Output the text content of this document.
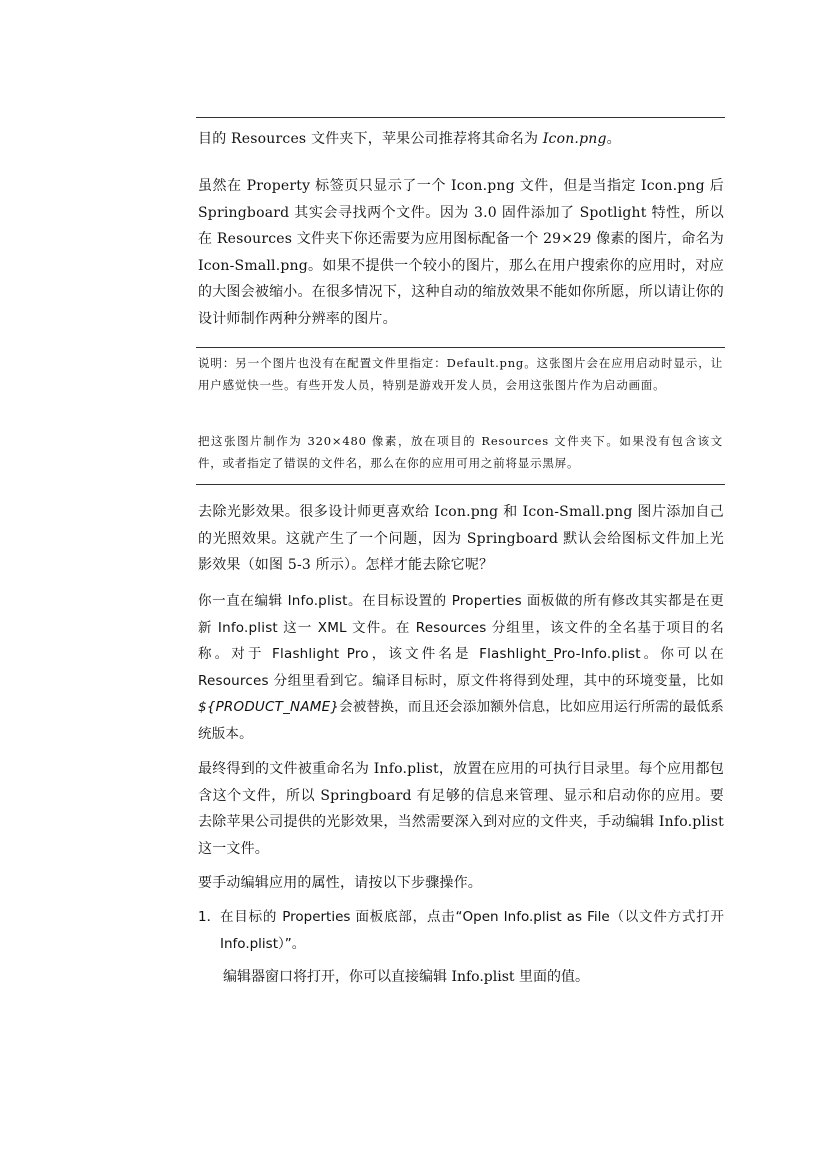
目的 Resources 文件夹下，苹果公司推荐将其命名为 Icon.png。

虽然在 Property 标签页只显示了一个 Icon.png 文件，但是当指定 Icon.png 后 Springboard 其实会寻找两个文件。因为 3.0 固件添加了 Spotlight 特性，所以在 Resources 文件夹下你还需要为应用图标配备一个 29×29 像素的图片，命名为 Icon-Small.png。如果不提供一个较小的图片，那么在用户搜索你的应用时，对应的大图会被缩小。在很多情况下，这种自动的缩放效果不能如你所愿，所以请让你的设计师制作两种分辨率的图片。

说明：另一个图片也没有在配置文件里指定：Default.png。这张图片会在应用启动时显示，让用户感觉快一些。有些开发人员，特别是游戏开发人员，会用这张图片作为启动画面。

把这张图片制作为 320×480 像素，放在项目的 Resources 文件夹下。如果没有包含该文件，或者指定了错误的文件名，那么在你的应用可用之前将显示黑屏。

去除光影效果。很多设计师更喜欢给 Icon.png 和 Icon-Small.png 图片添加自己的光照效果。这就产生了一个问题，因为 Springboard 默认会给图标文件加上光影效果（如图 5-3 所示）。怎样才能去除它呢？

你一直在编辑 Info.plist。在目标设置的 Properties 面板做的所有修改其实都是在更新 Info.plist 这一 XML 文件。在 Resources 分组里，该文件的全名基于项目的名称。对于 Flashlight Pro，该文件名是 Flashlight_Pro-Info.plist。你可以在 Resources 分组里看到它。编译目标时，原文件将得到处理，其中的环境变量，比如${PRODUCT_NAME}会被替换，而且还会添加额外信息，比如应用运行所需的最低系统版本。

最终得到的文件被重命名为 Info.plist，放置在应用的可执行目录里。每个应用都包含这个文件，所以 Springboard 有足够的信息来管理、显示和启动你的应用。要去除苹果公司提供的光影效果，当然需要深入到对应的文件夹，手动编辑 Info.plist 这一文件。

要手动编辑应用的属性，请按以下步骤操作。

1． 在目标的 Properties 面板底部，点击“Open Info.plist as File（以文件方式打开 Info.plist）”。

编辑器窗口将打开，你可以直接编辑 Info.plist 里面的值。
